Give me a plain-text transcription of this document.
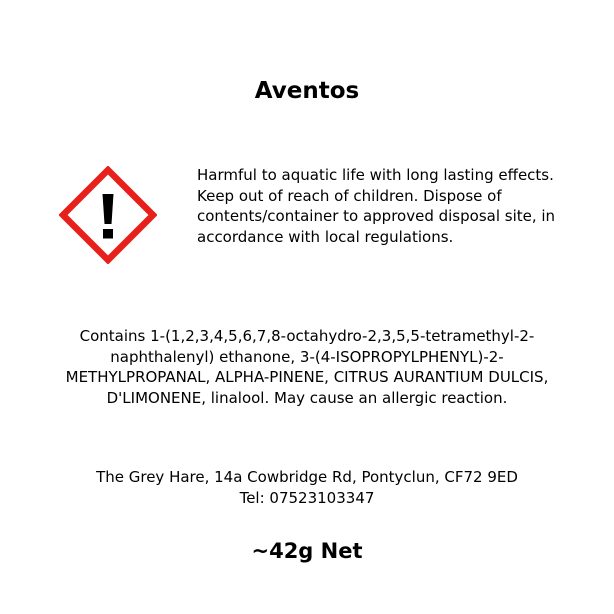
Aventos
Harmful to aquatic life with long lasting effects.
Keep out of reach of children. Dispose of
contents/container to approved disposal site, in
accordance with local regulations.
Contains 1-(1,2,3,4,5,6,7,8-octahydro-2,3,5,5-tetramethyl-2-
naphthalenyl) ethanone, 3-(4-ISOPROPYLPHENYL)-2-
METHYLPROPANAL, ALPHA-PINENE, CITRUS AURANTIUM DULCIS,
D'LIMONENE, linalool. May cause an allergic reaction.
The Grey Hare, 14a Cowbridge Rd, Pontyclun, CF72 9ED
Tel: 07523103347
~42g Net
